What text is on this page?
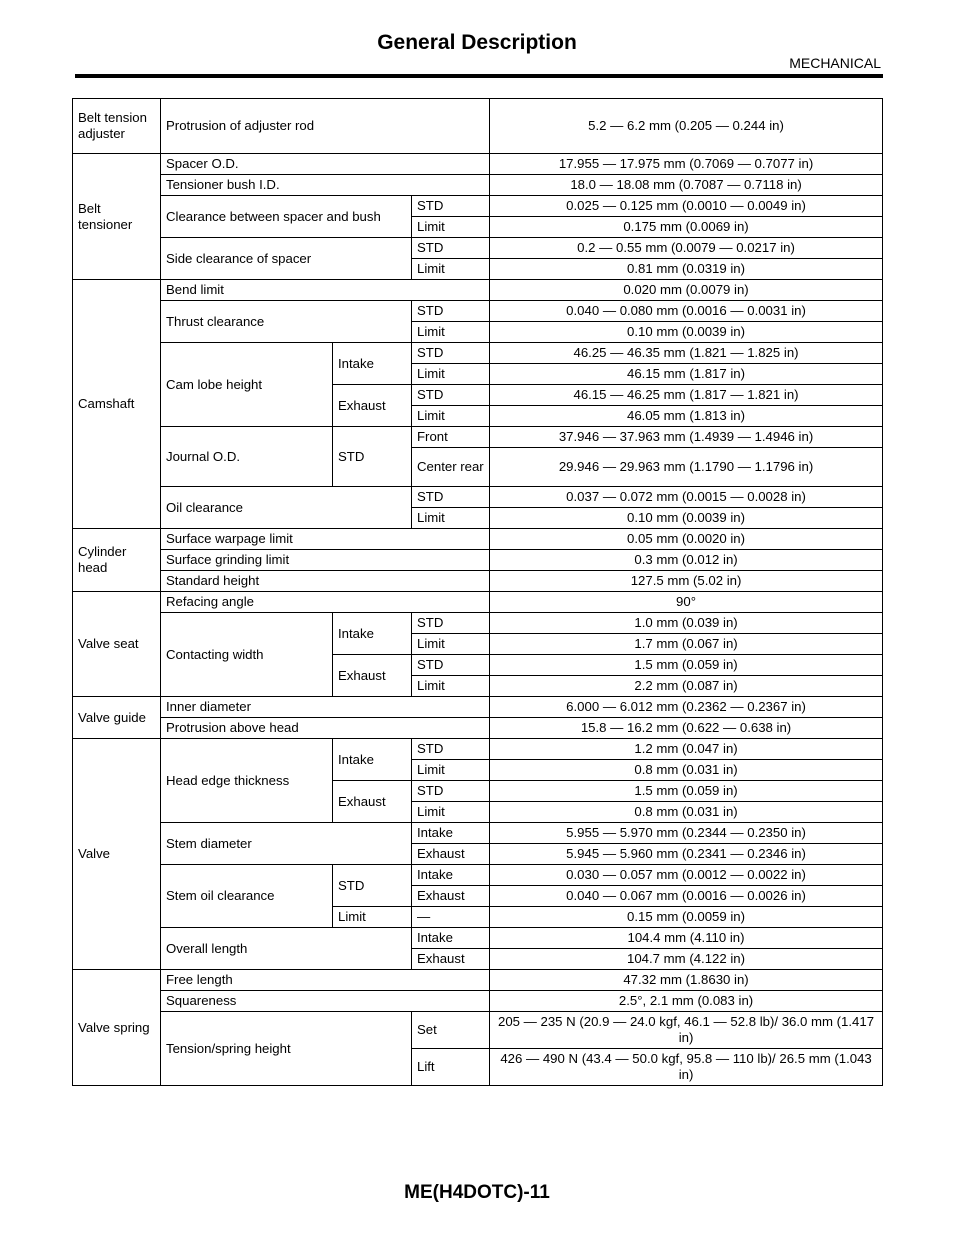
General Description
MECHANICAL
Belt tension adjuster	Protrusion of adjuster rod			5.2 — 6.2 mm (0.205 — 0.244 in)
Belt tensioner	Spacer O.D.			17.955 — 17.975 mm (0.7069 — 0.7077 in)
	Tensioner bush I.D.			18.0 — 18.08 mm (0.7087 — 0.7118 in)
	Clearance between spacer and bush		STD	0.025 — 0.125 mm (0.0010 — 0.0049 in)
			Limit	0.175 mm (0.0069 in)
	Side clearance of spacer		STD	0.2 — 0.55 mm (0.0079 — 0.0217 in)
			Limit	0.81 mm (0.0319 in)
Camshaft	Bend limit			0.020 mm (0.0079 in)
	Thrust clearance		STD	0.040 — 0.080 mm (0.0016 — 0.0031 in)
			Limit	0.10 mm (0.0039 in)
	Cam lobe height	Intake	STD	46.25 — 46.35 mm (1.821 — 1.825 in)
			Limit	46.15 mm (1.817 in)
		Exhaust	STD	46.15 — 46.25 mm (1.817 — 1.821 in)
			Limit	46.05 mm (1.813 in)
	Journal O.D.	STD	Front	37.946 — 37.963 mm (1.4939 — 1.4946 in)
			Center rear	29.946 — 29.963 mm (1.1790 — 1.1796 in)
	Oil clearance		STD	0.037 — 0.072 mm (0.0015 — 0.0028 in)
			Limit	0.10 mm (0.0039 in)
Cylinder head	Surface warpage limit			0.05 mm (0.0020 in)
	Surface grinding limit			0.3 mm (0.012 in)
	Standard height			127.5 mm (5.02 in)
Valve seat	Refacing angle			90°
	Contacting width	Intake	STD	1.0 mm (0.039 in)
			Limit	1.7 mm (0.067 in)
		Exhaust	STD	1.5 mm (0.059 in)
			Limit	2.2 mm (0.087 in)
Valve guide	Inner diameter			6.000 — 6.012 mm (0.2362 — 0.2367 in)
	Protrusion above head			15.8 — 16.2 mm (0.622 — 0.638 in)
Valve	Head edge thickness	Intake	STD	1.2 mm (0.047 in)
			Limit	0.8 mm (0.031 in)
		Exhaust	STD	1.5 mm (0.059 in)
			Limit	0.8 mm (0.031 in)
	Stem diameter		Intake	5.955 — 5.970 mm (0.2344 — 0.2350 in)
			Exhaust	5.945 — 5.960 mm (0.2341 — 0.2346 in)
	Stem oil clearance	STD	Intake	0.030 — 0.057 mm (0.0012 — 0.0022 in)
			Exhaust	0.040 — 0.067 mm (0.0016 — 0.0026 in)
		Limit	—	0.15 mm (0.0059 in)
	Overall length		Intake	104.4 mm (4.110 in)
			Exhaust	104.7 mm (4.122 in)
Valve spring	Free length			47.32 mm (1.8630 in)
	Squareness			2.5°, 2.1 mm (0.083 in)
	Tension/spring height		Set	205 — 235 N (20.9 — 24.0 kgf, 46.1 — 52.8 lb)/ 36.0 mm (1.417 in)
			Lift	426 — 490 N (43.4 — 50.0 kgf, 95.8 — 110 lb)/ 26.5 mm (1.043 in)
ME(H4DOTC)-11
